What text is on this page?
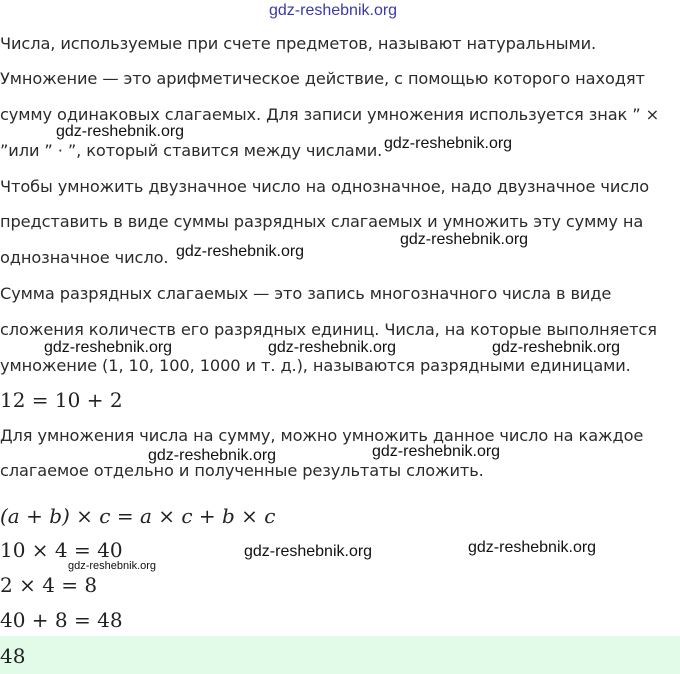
gdz-reshebnik.org
Числа, используемые при счете предметов, называют натуральными.
Умножение — это арифметическое действие, с помощью которого находят
сумму одинаковых слагаемых. Для записи умножения используется знак ” ×
”или ” · ”, который ставится между числами.
Чтобы умножить двузначное число на однозначное, надо двузначное число
представить в виде суммы разрядных слагаемых и умножить эту сумму на
однозначное число.
Сумма разрядных слагаемых — это запись многозначного числа в виде
сложения количеств его разрядных единиц. Числа, на которые выполняется
умножение (1, 10, 100, 1000 и т. д.), называются разрядными единицами.
12 = 10 + 2
Для умножения числа на сумму, можно умножить данное число на каждое
слагаемое отдельно и полученные результаты сложить.
(a + b) × c = a × c + b × c
10 × 4 = 40
2 × 4 = 8
40 + 8 = 48
48
gdz-reshebnik.org
gdz-reshebnik.org
gdz-reshebnik.org
gdz-reshebnik.org
gdz-reshebnik.org	gdz-reshebnik.org	gdz-reshebnik.org
gdz-reshebnik.org
gdz-reshebnik.org
gdz-reshebnik.org	gdz-reshebnik.org
gdz-reshebnik.org
